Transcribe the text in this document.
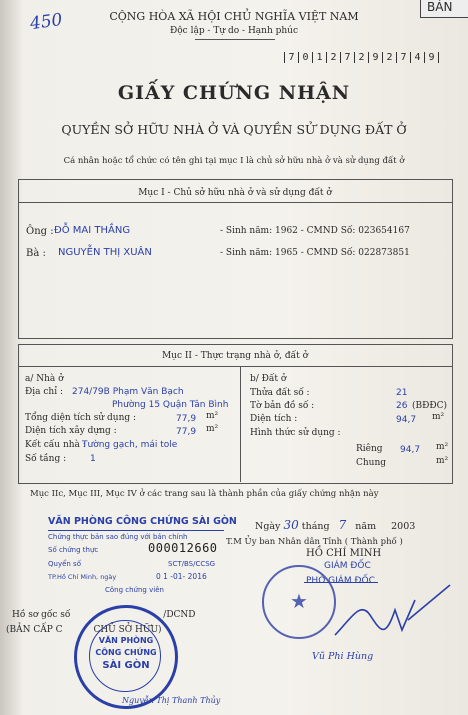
450
BẢN
CỘNG HÒA XÃ HỘI CHỦ NGHĨA VIỆT NAM
Độc lập - Tự do - Hạnh phúc
7 0 1 2 7 2 9 2 7 4 9
GIẤY CHỨNG NHẬN
QUYỀN SỞ HỮU NHÀ Ở VÀ QUYỀN SỬ DỤNG ĐẤT Ở
Cá nhân hoặc tổ chức có tên ghi tại mục I là chủ sở hữu nhà ở và sử dụng đất ở
Mục I - Chủ sở hữu nhà ở và sử dụng đất ở
Ông : ĐỖ MAI THẮNG	- Sinh năm: 1962 - CMND Số: 023654167
Bà : NGUYỄN THỊ XUÂN	- Sinh năm: 1965 - CMND Số: 022873851
Mục II - Thực trạng nhà ở, đất ở
a/ Nhà ở
Địa chỉ : 274/79B Phạm Văn Bạch
Phường 15 Quận Tân Bình
Tổng diện tích sử dụng :	77,9 m²
Diện tích xây dựng :	77,9 m²
Kết cấu nhà :
Tường gạch, mái tole
Số tầng :	1
b/ Đất ở
Thửa đất số :	21
Tờ bản đồ số :	26 (BĐĐC)
Diện tích :	94,7 m²
Hình thức sử dụng :
Riêng 94,7 m²
Chung	m²
Mục IIc, Mục III, Mục IV ở các trang sau là thành phần của giấy chứng nhận này
VĂN PHÒNG CÔNG CHỨNG SÀI GÒN
Chứng thực bản sao đúng với bản chính
Số chứng thực	000012660
Quyển số	SCT/BS/CCSG
TP.Hồ Chí Minh, ngày	0 1 -01- 2016
Công chứng viên
Ngày 30 tháng 7 năm 2003
T.M Ủy ban Nhân dân Tỉnh ( Thành phố )
HỒ CHÍ MINH
GIÁM ĐỐC
PHÓ GIÁM ĐỐC
Vũ Phi Hùng
★
Hồ sơ gốc số	/DCND
(BẢN CẤP C	CHỦ SỞ HỮU)
VĂN PHÒNG
CÔNG CHỨNG
SÀI GÒN
Nguyễn Thị Thanh Thủy
